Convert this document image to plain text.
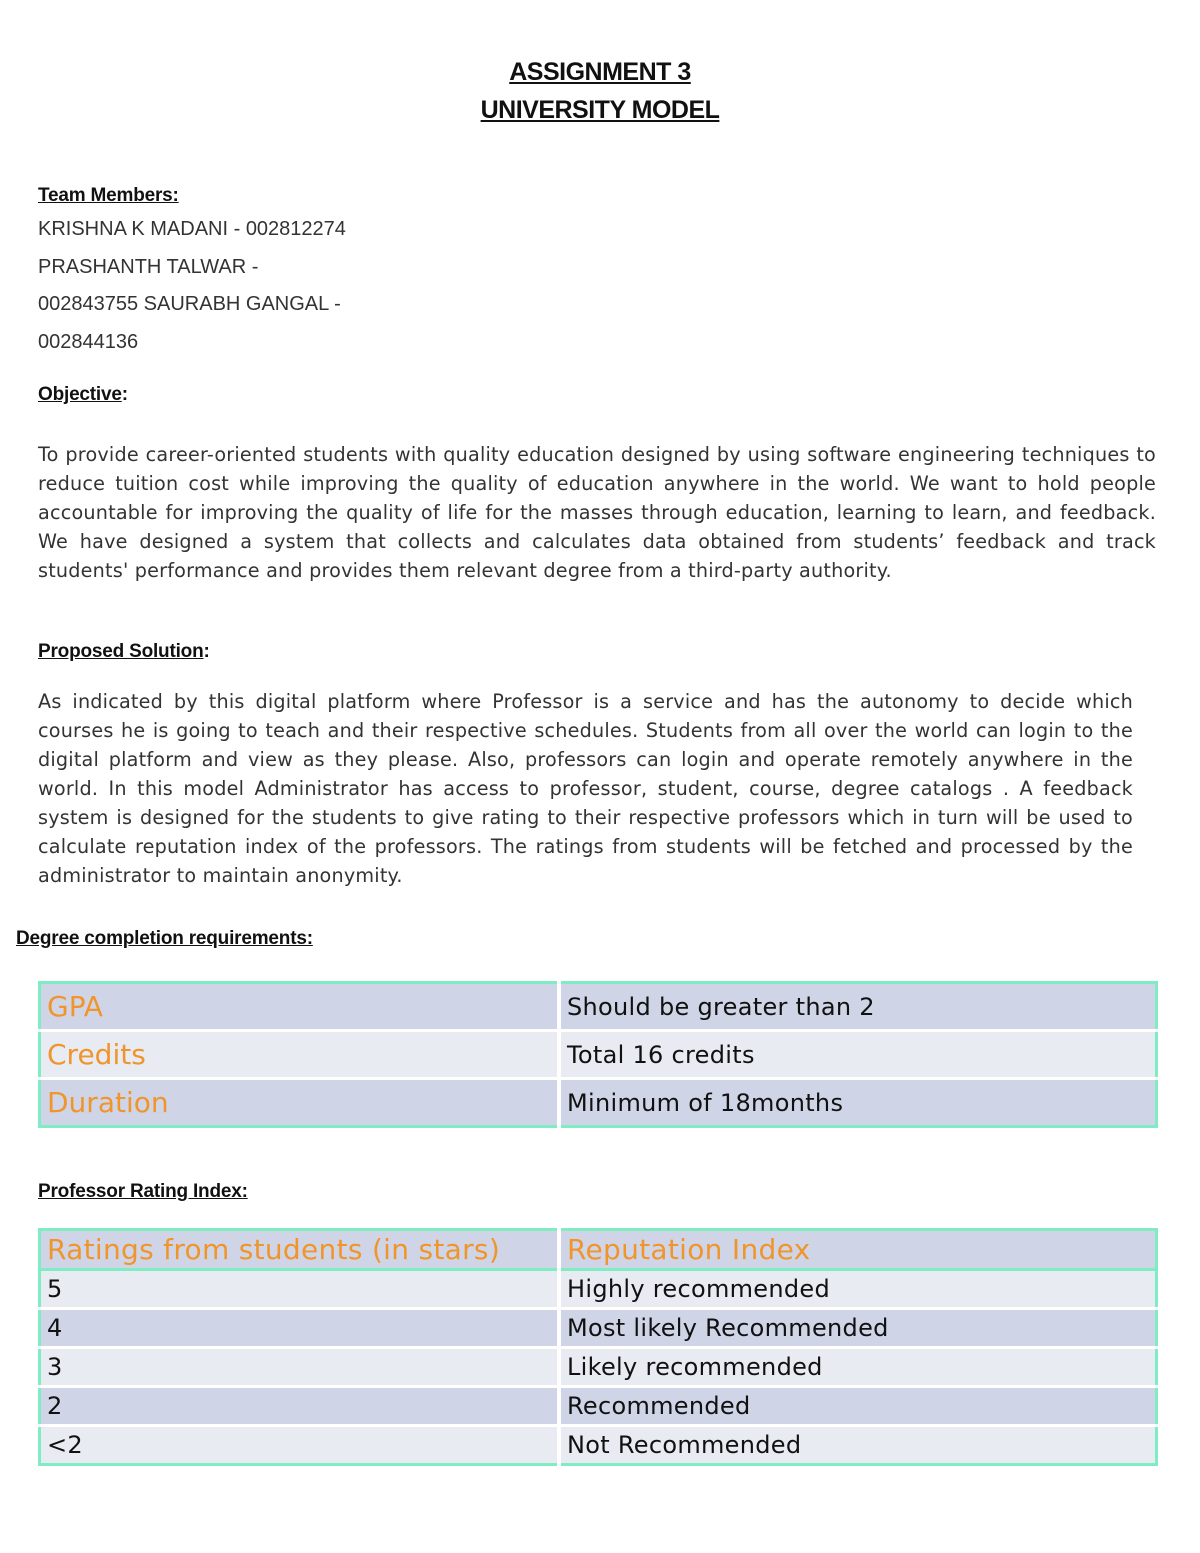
ASSIGNMENT 3
UNIVERSITY MODEL
Team Members:
KRISHNA K MADANI - 002812274
PRASHANTH TALWAR -
002843755 SAURABH GANGAL -
002844136
Objective:
To provide career-oriented students with quality education designed by using software engineering techniques to reduce tuition cost while improving the quality of education anywhere in the world. We want to hold people accountable for improving the quality of life for the masses through education, learning to learn, and feedback. We have designed a system that collects and calculates data obtained from students’ feedback and track students' performance and provides them relevant degree from a third-party authority.
Proposed Solution:
As indicated by this digital platform where Professor is a service and has the autonomy to decide which courses he is going to teach and their respective schedules. Students from all over the world can login to the digital platform and view as they please. Also, professors can login and operate remotely anywhere in the world. In this model Administrator has access to professor, student, course, degree catalogs . A feedback system is designed for the students to give rating to their respective professors which in turn will be used to calculate reputation index of the professors. The ratings from students will be fetched and processed by the administrator to maintain anonymity.
Degree completion requirements:
GPA	Should be greater than 2
Credits	Total 16 credits
Duration	Minimum of 18months
Professor Rating Index:
Ratings from students (in stars)	Reputation Index
5	Highly recommended
4	Most likely Recommended
3	Likely recommended
2	Recommended
<2	Not Recommended
